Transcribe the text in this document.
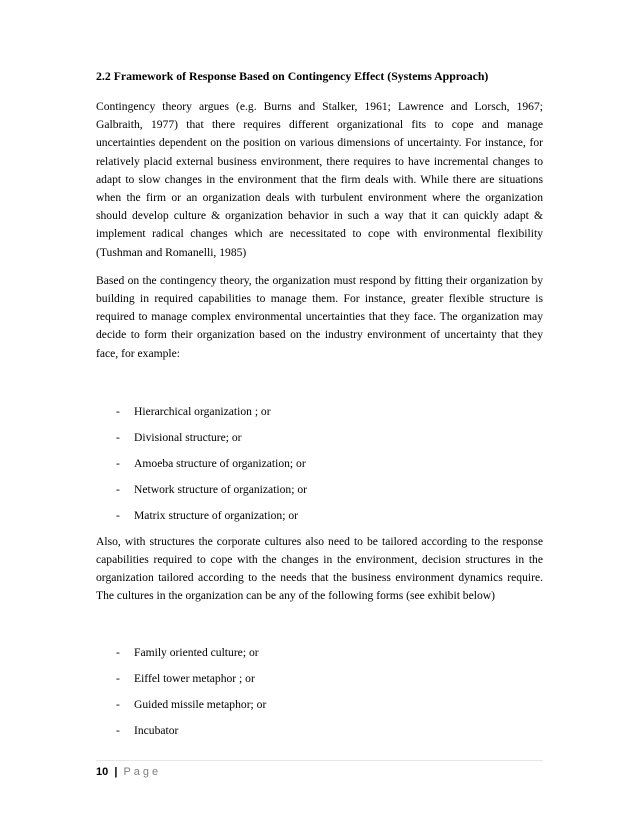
2.2 Framework of Response Based on Contingency Effect (Systems Approach)

Contingency theory argues (e.g. Burns and Stalker, 1961; Lawrence and Lorsch, 1967; Galbraith, 1977) that there requires different organizational fits to cope and manage uncertainties dependent on the position on various dimensions of uncertainty. For instance, for relatively placid external business environment, there requires to have incremental changes to adapt to slow changes in the environment that the firm deals with. While there are situations when the firm or an organization deals with turbulent environment where the organization should develop culture & organization behavior in such a way that it can quickly adapt & implement radical changes which are necessitated to cope with environmental flexibility (Tushman and Romanelli, 1985)

Based on the contingency theory, the organization must respond by fitting their organization by building in required capabilities to manage them. For instance, greater flexible structure is required to manage complex environmental uncertainties that they face. The organization may decide to form their organization based on the industry environment of uncertainty that they face, for example:

- Hierarchical organization ; or
- Divisional structure; or
- Amoeba structure of organization; or
- Network structure of organization; or
- Matrix structure of organization; or

Also, with structures the corporate cultures also need to be tailored according to the response capabilities required to cope with the changes in the environment, decision structures in the organization tailored according to the needs that the business environment dynamics require. The cultures in the organization can be any of the following forms (see exhibit below)

- Family oriented culture; or
- Eiffel tower metaphor ; or
- Guided missile metaphor; or
- Incubator
10 | Page
